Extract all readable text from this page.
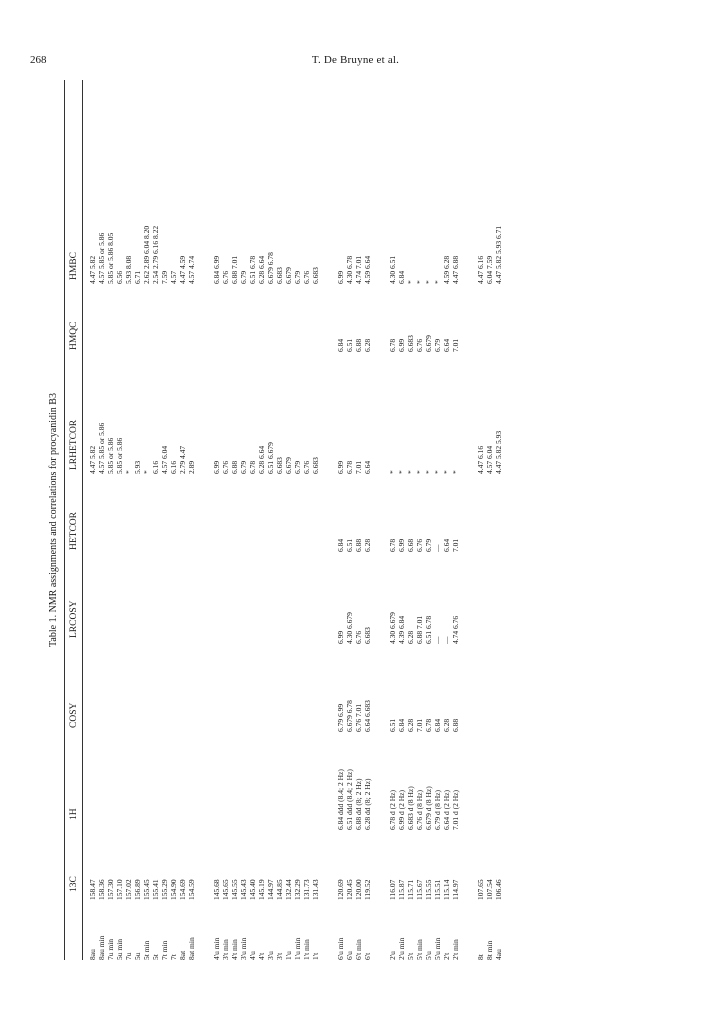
268	T. De Bruyne et al.
Table 1. NMR assignments and correlations for procyanidin B3
13C
1H
COSY
LRCOSY
HETCOR
LRHETCOR
HMQC
HMBC
8au
158.47
4.47 5.82
4.47 5.82
8au min
158.36
4.57 5.85 or 5.86
4.57 5.85 or 5.86
7u min
157.30
5.85 or 5.86
5.85 or 5.86 8.05
5u min
157.10
5.85 or 5.86
6.56
7u
157.02
*
5.93 8.08
5u
156.89
5.93
6.71
5t min
155.45
*
2.62 2.89 6.04 8.20
5t
155.41
6.16
2.54 2.79 6.16 8.22
7t min
155.29
4.57 6.04
7.59
7t
154.90
6.16
4.57
8at
154.69
2.79 4.47
4.47 4.59
8at min
154.59
2.89
4.57 4.74
4'u min
145.68
6.99
6.84 6.99
3't min
145.65
6.76
6.76
4't min
145.55
6.88
6.88 7.01
3'u min
145.43
6.79
6.79
4'u
145.40
6.78
6.51 6.78
4't
145.19
6.28 6.64
6.28 6.64
3'u
144.97
6.51 6.679
6.679 6.78
3't
144.85
6.683
6.683
1'u
132.44
6.679
6.679
1'u min
132.29
6.79
6.79
1't min
131.73
6.76
6.76
1't
131.43
6.683
6.683
6'u min
120.69
6.84 ddd (8.4; 2 Hz)
6.79 6.99
6.99
6.84
6.99
6.84
6.99
6'u
120.45
6.51 ddd (8.4; 2 Hz)
6.679 6.78
4.30 6.679
6.51
6.78
6.51
4.30 6.78
6't min
120.00
6.88 dd (8; 2 Hz)
6.76 7.01
6.76
6.88
7.01
6.88
4.74 7.01
6't
119.52
6.28 dd (8; 2 Hz)
6.64 6.683
6.683
6.28
6.64
6.28
4.59 6.64
2'u
116.07
6.78 d (2 Hz)
6.51
4.30 6.679
6.78
*
6.78
4.30 6.51
2'u min
115.87
6.99 d (2 Hz)
6.84
4.39 6.84
6.99
*
6.99
6.84
5't
115.71
6.683 d (8 Hz)
6.28
6.28
6.68
*
6.683
*
5't min
115.67
6.76 d (8 Hz)
7.01
6.88 7.01
6.76
*
6.76
*
5'u
115.55
6.679 d (8 Hz)
6.78
6.51 6.78
6.79
*
6.679
*
5'u min
115.51
6.79 d (8 Hz)
6.84
—
—
*
6.79
*
2't
115.14
6.64 d (2 Hz)
6.28
—
6.64
*
6.64
4.59 6.28
2't min
114.97
7.01 d (2 Hz)
6.88
4.74 6.76
7.01
*
7.01
4.47 6.88
8t
107.65
4.47 6.16
4.47 6.16
8t min
107.54
4.57 6.04
6.04 7.59
4au
106.46
4.47 5.82 5.93
4.47 5.82 5.93 6.71
